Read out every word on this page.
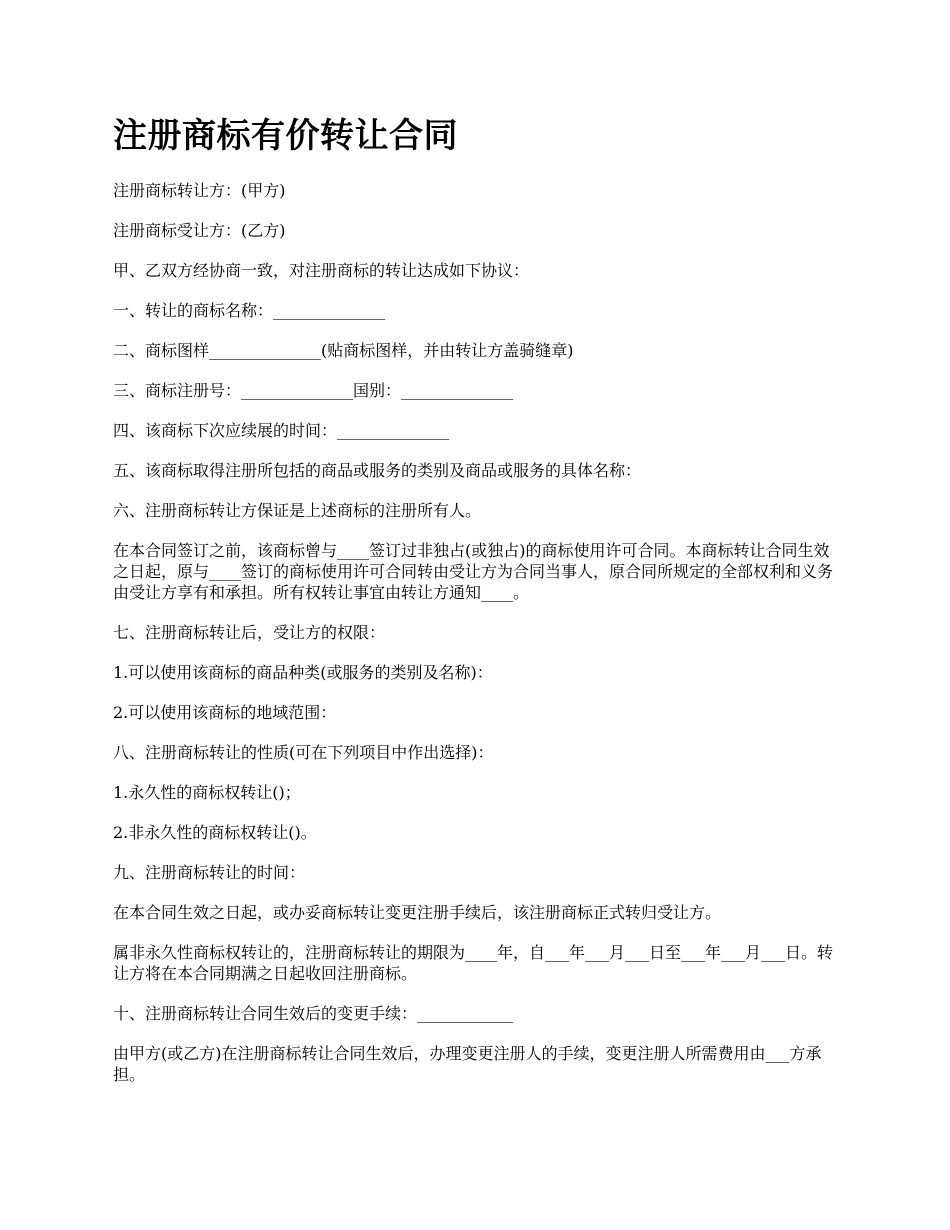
注册商标有价转让合同

注册商标转让方：(甲方)

注册商标受让方：(乙方)

甲、乙双方经协商一致，对注册商标的转让达成如下协议：

一、转让的商标名称：______________

二、商标图样______________(贴商标图样，并由转让方盖骑缝章)

三、商标注册号：______________国别：______________

四、该商标下次应续展的时间：______________

五、该商标取得注册所包括的商品或服务的类别及商品或服务的具体名称：

六、注册商标转让方保证是上述商标的注册所有人。

在本合同签订之前，该商标曾与____签订过非独占(或独占)的商标使用许可合同。本商标转让合同生效之日起，原与____签订的商标使用许可合同转由受让方为合同当事人，原合同所规定的全部权利和义务由受让方享有和承担。所有权转让事宜由转让方通知____。

七、注册商标转让后，受让方的权限：

1.可以使用该商标的商品种类(或服务的类别及名称)：

2.可以使用该商标的地域范围：

八、注册商标转让的性质(可在下列项目中作出选择)：

1.永久性的商标权转让()；

2.非永久性的商标权转让()。

九、注册商标转让的时间：

在本合同生效之日起，或办妥商标转让变更注册手续后，该注册商标正式转归受让方。

属非永久性商标权转让的，注册商标转让的期限为____年，自___年___月___日至___年___月___日。转让方将在本合同期满之日起收回注册商标。

十、注册商标转让合同生效后的变更手续：____________

由甲方(或乙方)在注册商标转让合同生效后，办理变更注册人的手续，变更注册人所需费用由___方承担。
